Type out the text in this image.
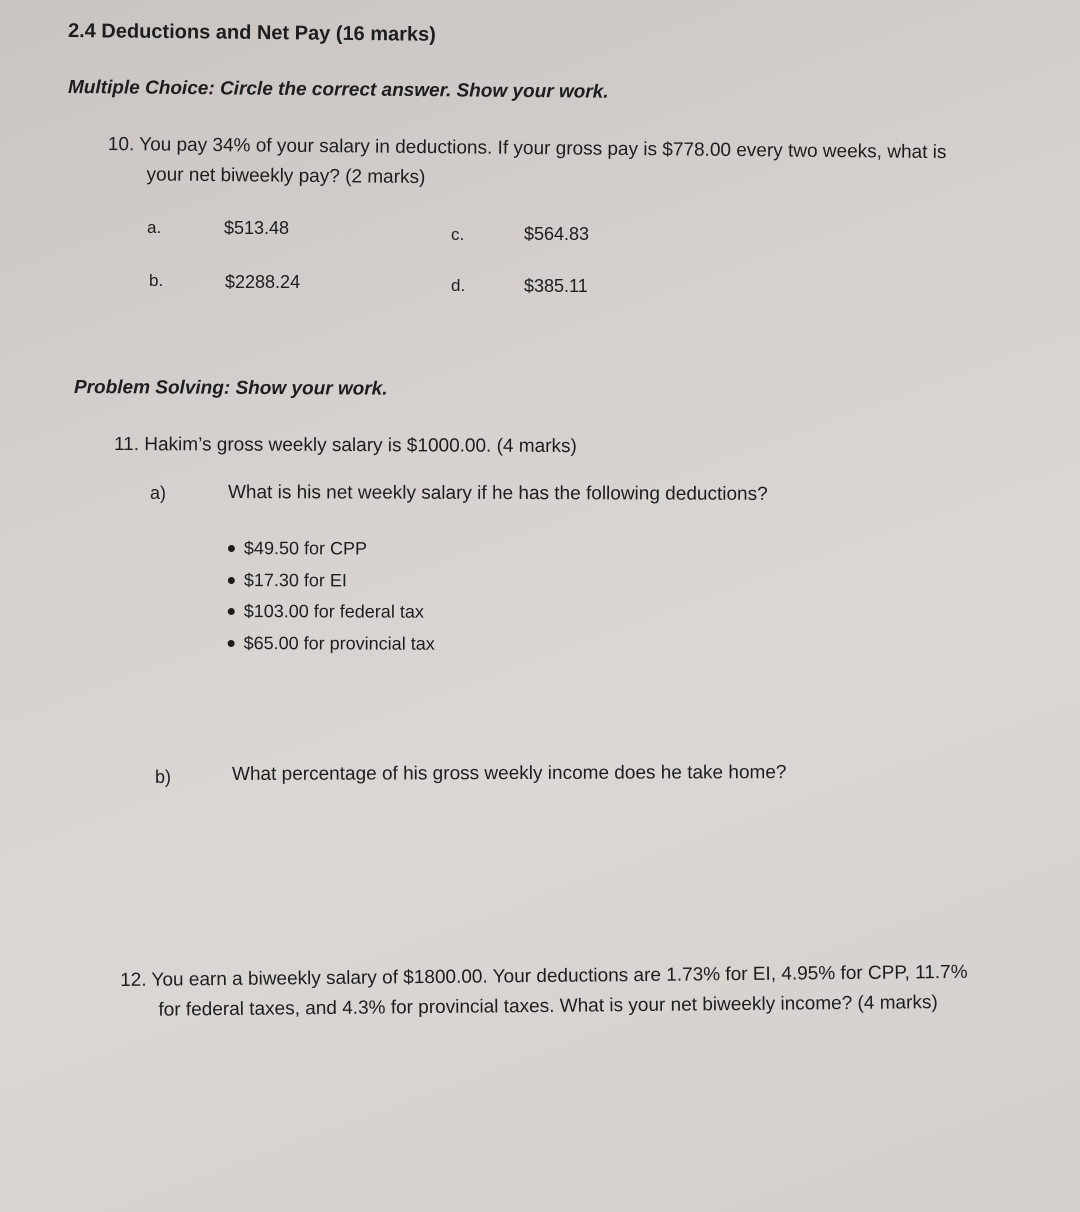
2.4 Deductions and Net Pay (16 marks)
Multiple Choice: Circle the correct answer. Show your work.
10. You pay 34% of your salary in deductions. If your gross pay is $778.00 every two weeks, what is
your net biweekly pay? (2 marks)
a.	$513.48
b.	$2288.24
c.	$564.83
d.	$385.11
Problem Solving: Show your work.
11. Hakim’s gross weekly salary is $1000.00. (4 marks)
a)	What is his net weekly salary if he has the following deductions?
$49.50 for CPP
$17.30 for EI
$103.00 for federal tax
$65.00 for provincial tax
b)	What percentage of his gross weekly income does he take home?
12. You earn a biweekly salary of $1800.00. Your deductions are 1.73% for EI, 4.95% for CPP, 11.7%
for federal taxes, and 4.3% for provincial taxes. What is your net biweekly income? (4 marks)
